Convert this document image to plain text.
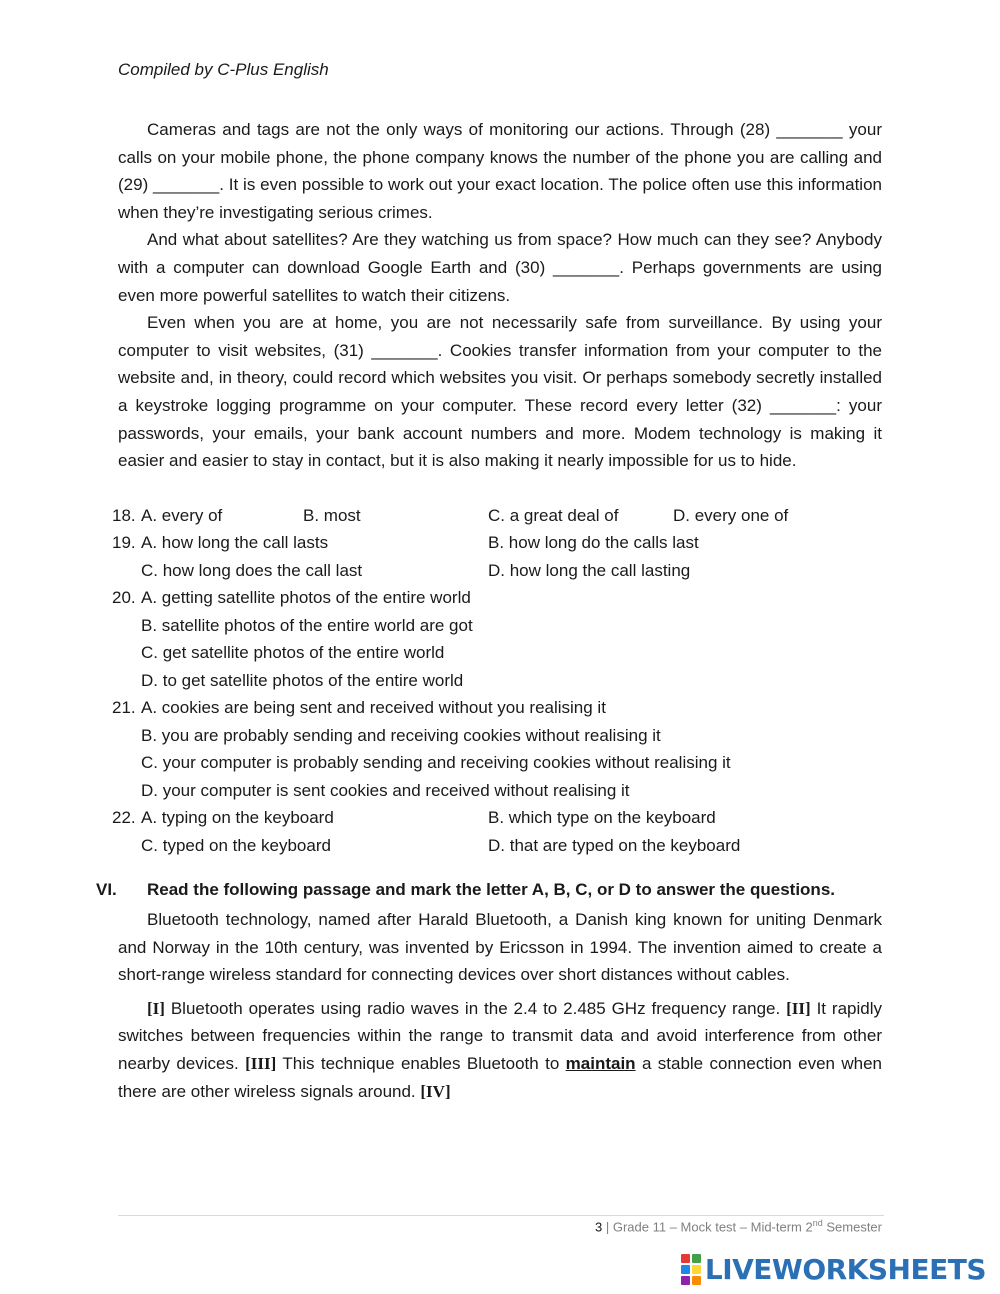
Compiled by C-Plus English

Cameras and tags are not the only ways of monitoring our actions. Through (28) _______ your calls on your mobile phone, the phone company knows the number of the phone you are calling and (29) _______. It is even possible to work out your exact location. The police often use this information when they’re investigating serious crimes.

And what about satellites? Are they watching us from space? How much can they see? Anybody with a computer can download Google Earth and (30) _______. Perhaps governments are using even more powerful satellites to watch their citizens.

Even when you are at home, you are not necessarily safe from surveillance. By using your computer to visit websites, (31) _______. Cookies transfer information from your computer to the website and, in theory, could record which websites you visit. Or perhaps somebody secretly installed a keystroke logging programme on your computer. These record every letter (32) _______: your passwords, your emails, your bank account numbers and more. Modem technology is making it easier and easier to stay in contact, but it is also making it nearly impossible for us to hide.

18. A. every of	B. most	C. a great deal of	D. every one of
19. A. how long the call lasts	B. how long do the calls last
C. how long does the call last	D. how long the call lasting
20. A. getting satellite photos of the entire world
B. satellite photos of the entire world are got
C. get satellite photos of the entire world
D. to get satellite photos of the entire world
21. A. cookies are being sent and received without you realising it
B. you are probably sending and receiving cookies without realising it
C. your computer is probably sending and receiving cookies without realising it
D. your computer is sent cookies and received without realising it
22. A. typing on the keyboard	B. which type on the keyboard
C. typed on the keyboard	D. that are typed on the keyboard
VI. Read the following passage and mark the letter A, B, C, or D to answer the questions.

Bluetooth technology, named after Harald Bluetooth, a Danish king known for uniting Denmark and Norway in the 10th century, was invented by Ericsson in 1994. The invention aimed to create a short-range wireless standard for connecting devices over short distances without cables.

[I] Bluetooth operates using radio waves in the 2.4 to 2.485 GHz frequency range. [II] It rapidly switches between frequencies within the range to transmit data and avoid interference from other nearby devices. [III] This technique enables Bluetooth to maintain a stable connection even when there are other wireless signals around. [IV]

3 | Grade 11 – Mock test – Mid-term 2nd Semester
LIVEWORKSHEETS
